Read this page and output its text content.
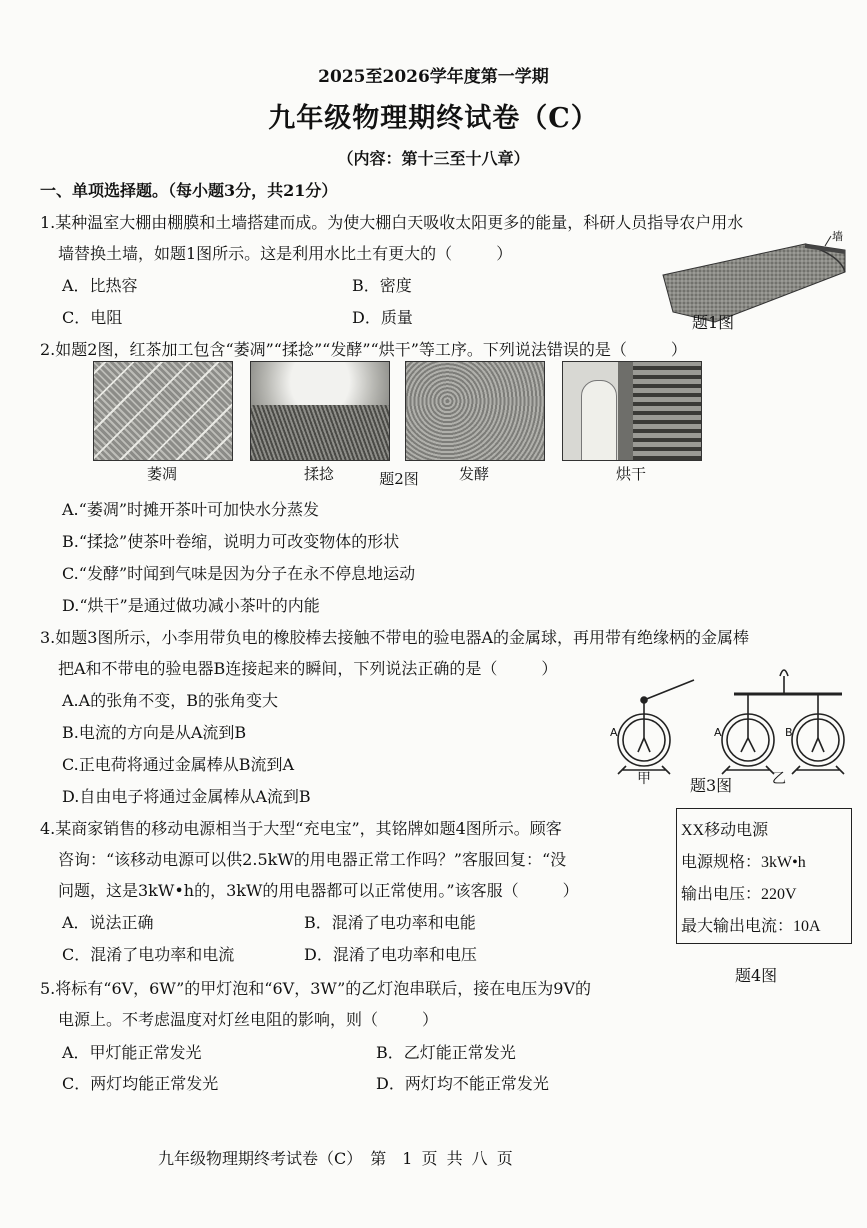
2025至2026学年度第一学期
九年级物理期终试卷（C）
（内容：第十三至十八章）
一、单项选择题。（每小题3分，共21分）
1.某种温室大棚由棚膜和土墙搭建而成。为使大棚白天吸收太阳更多的能量，科研人员指导农户用水
墙替换土墙，如题1图所示。这是利用水比土有更大的（	）
A．比热容	B．密度
C．电阻	D．质量
墙
题1图
2.如题2图，红茶加工包含“萎凋”“揉捻”“发酵”“烘干”等工序。下列说法错误的是（	）
萎凋	揉捻	题2图	发酵	烘干
A.“萎凋”时摊开茶叶可加快水分蒸发
B.“揉捻”使茶叶卷缩，说明力可改变物体的形状
C.“发酵”时闻到气味是因为分子在永不停息地运动
D.“烘干”是通过做功减小茶叶的内能
3.如题3图所示，小李用带负电的橡胶棒去接触不带电的验电器A的金属球，再用带有绝缘柄的金属棒
把A和不带电的验电器B连接起来的瞬间，下列说法正确的是（	）
A.A的张角不变，B的张角变大
B.电流的方向是从A流到B
C.正电荷将通过金属棒从B流到A
D.自由电子将通过金属棒从A流到B
A	A	B
甲 题3图	乙
4.某商家销售的移动电源相当于大型“充电宝”，其铭牌如题4图所示。顾客
咨询：“该移动电源可以供2.5kW的用电器正常工作吗？”客服回复：“没
问题，这是3kW•h的，3kW的用电器都可以正常使用。”该客服（	）
A．说法正确	B．混淆了电功率和电能
C．混淆了电功率和电流	D．混淆了电功率和电压
XX移动电源
电源规格：3kW•h
输出电压：220V
最大输出电流：10A
题4图
5.将标有“6V，6W”的甲灯泡和“6V，3W”的乙灯泡串联后，接在电压为9V的
电源上。不考虑温度对灯丝电阻的影响，则（	）
A．甲灯能正常发光	B．乙灯能正常发光
C．两灯均能正常发光	D．两灯均不能正常发光
九年级物理期终考试卷（C）　第　1 页 共 八 页
